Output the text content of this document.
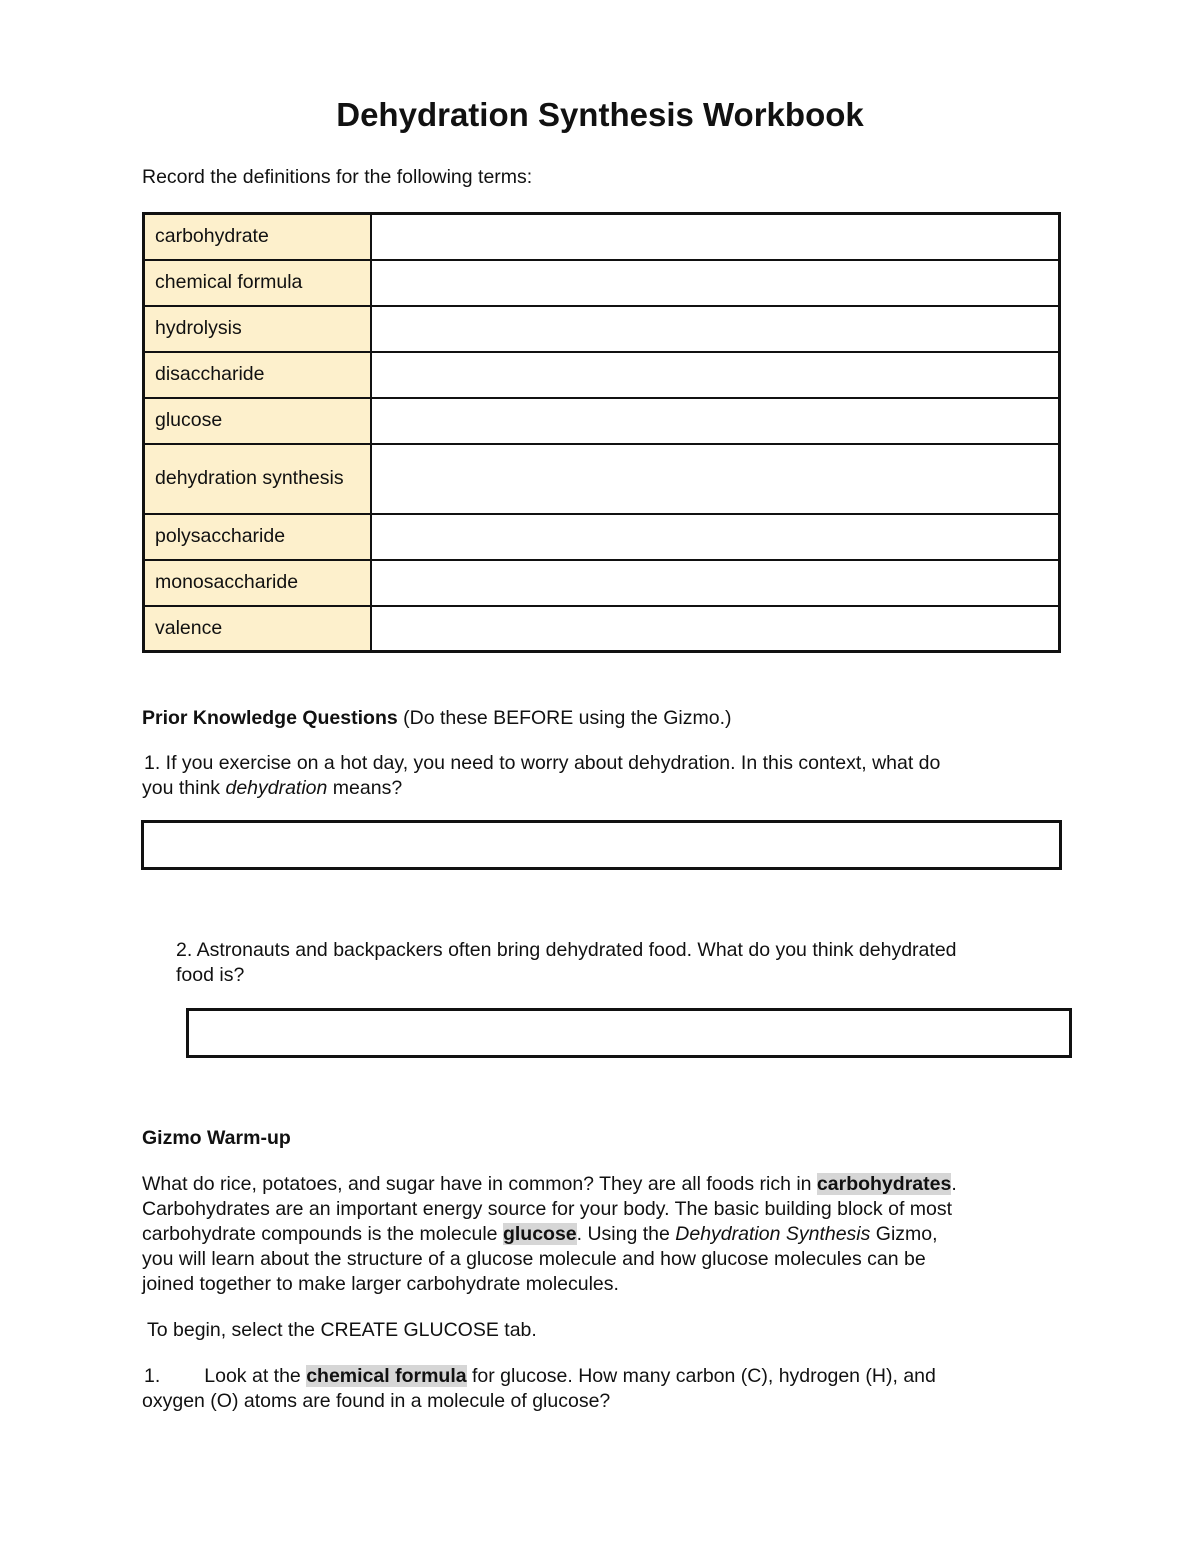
Dehydration Synthesis Workbook

Record the definitions for the following terms:

carbohydrate	
chemical formula	
hydrolysis	
disaccharide	
glucose	
dehydration synthesis	
polysaccharide	
monosaccharide	
valence	

Prior Knowledge Questions (Do these BEFORE using the Gizmo.)

1. If you exercise on a hot day, you need to worry about dehydration. In this context, what do

you think dehydration means?

2. Astronauts and backpackers often bring dehydrated food. What do you think dehydrated

food is?

Gizmo Warm-up

What do rice, potatoes, and sugar have in common? They are all foods rich in carbohydrates.

Carbohydrates are an important energy source for your body. The basic building block of most

carbohydrate compounds is the molecule glucose. Using the Dehydration Synthesis Gizmo,

you will learn about the structure of a glucose molecule and how glucose molecules can be

joined together to make larger carbohydrate molecules.

To begin, select the CREATE GLUCOSE tab.

1. Look at the chemical formula for glucose. How many carbon (C), hydrogen (H), and

oxygen (O) atoms are found in a molecule of glucose?
